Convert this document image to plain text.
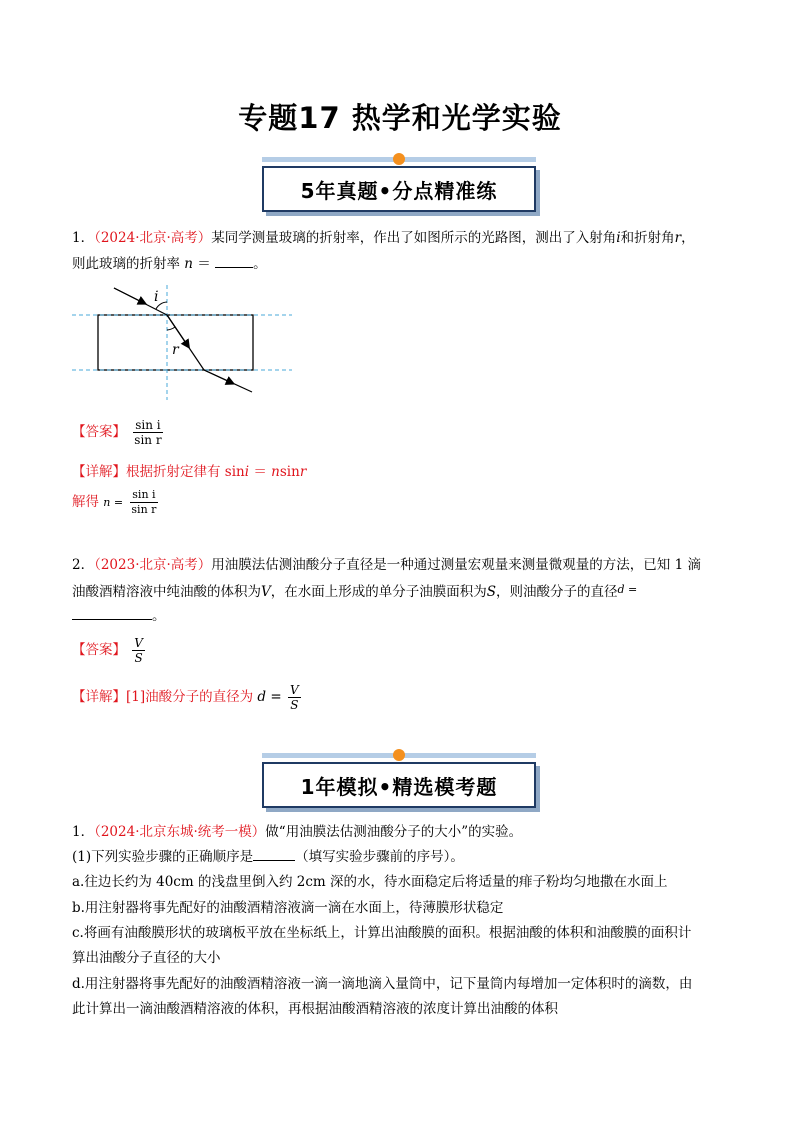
专题17 热学和光学实验
5年真题•分点精准练
1．（2024·北京·高考）某同学测量玻璃的折射率，作出了如图所示的光路图，测出了入射角i和折射角r，
则此玻璃的折射率 n ＝	。
i
r
【答案】 $\frac{\text{sin i}}{\text{sin r}}$
【详解】根据折射定律有 sini ＝ nsinr
解得 $n = \frac{\text{sin i}}{\text{sin r}}$
2．（2023·北京·高考）用油膜法估测油酸分子直径是一种通过测量宏观量来测量微观量的方法，已知 1 滴
油酸酒精溶液中纯油酸的体积为V，在水面上形成的单分子油膜面积为S，则油酸分子的直径$^{d =}$
。
【答案】 $\frac{V}{S}$
【详解】[1]油酸分子的直径为 $d = \frac{V}{S}$
1年模拟•精选模考题
1．（2024·北京东城·统考一模）做“用油膜法估测油酸分子的大小”的实验。
(1)下列实验步骤的正确顺序是	（填写实验步骤前的序号）。
a.往边长约为 40cm 的浅盘里倒入约 2cm 深的水，待水面稳定后将适量的痱子粉均匀地撒在水面上
b.用注射器将事先配好的油酸酒精溶液滴一滴在水面上，待薄膜形状稳定
c.将画有油酸膜形状的玻璃板平放在坐标纸上，计算出油酸膜的面积。根据油酸的体积和油酸膜的面积计
算出油酸分子直径的大小
d.用注射器将事先配好的油酸酒精溶液一滴一滴地滴入量筒中，记下量筒内每增加一定体积时的滴数，由
此计算出一滴油酸酒精溶液的体积，再根据油酸酒精溶液的浓度计算出油酸的体积
